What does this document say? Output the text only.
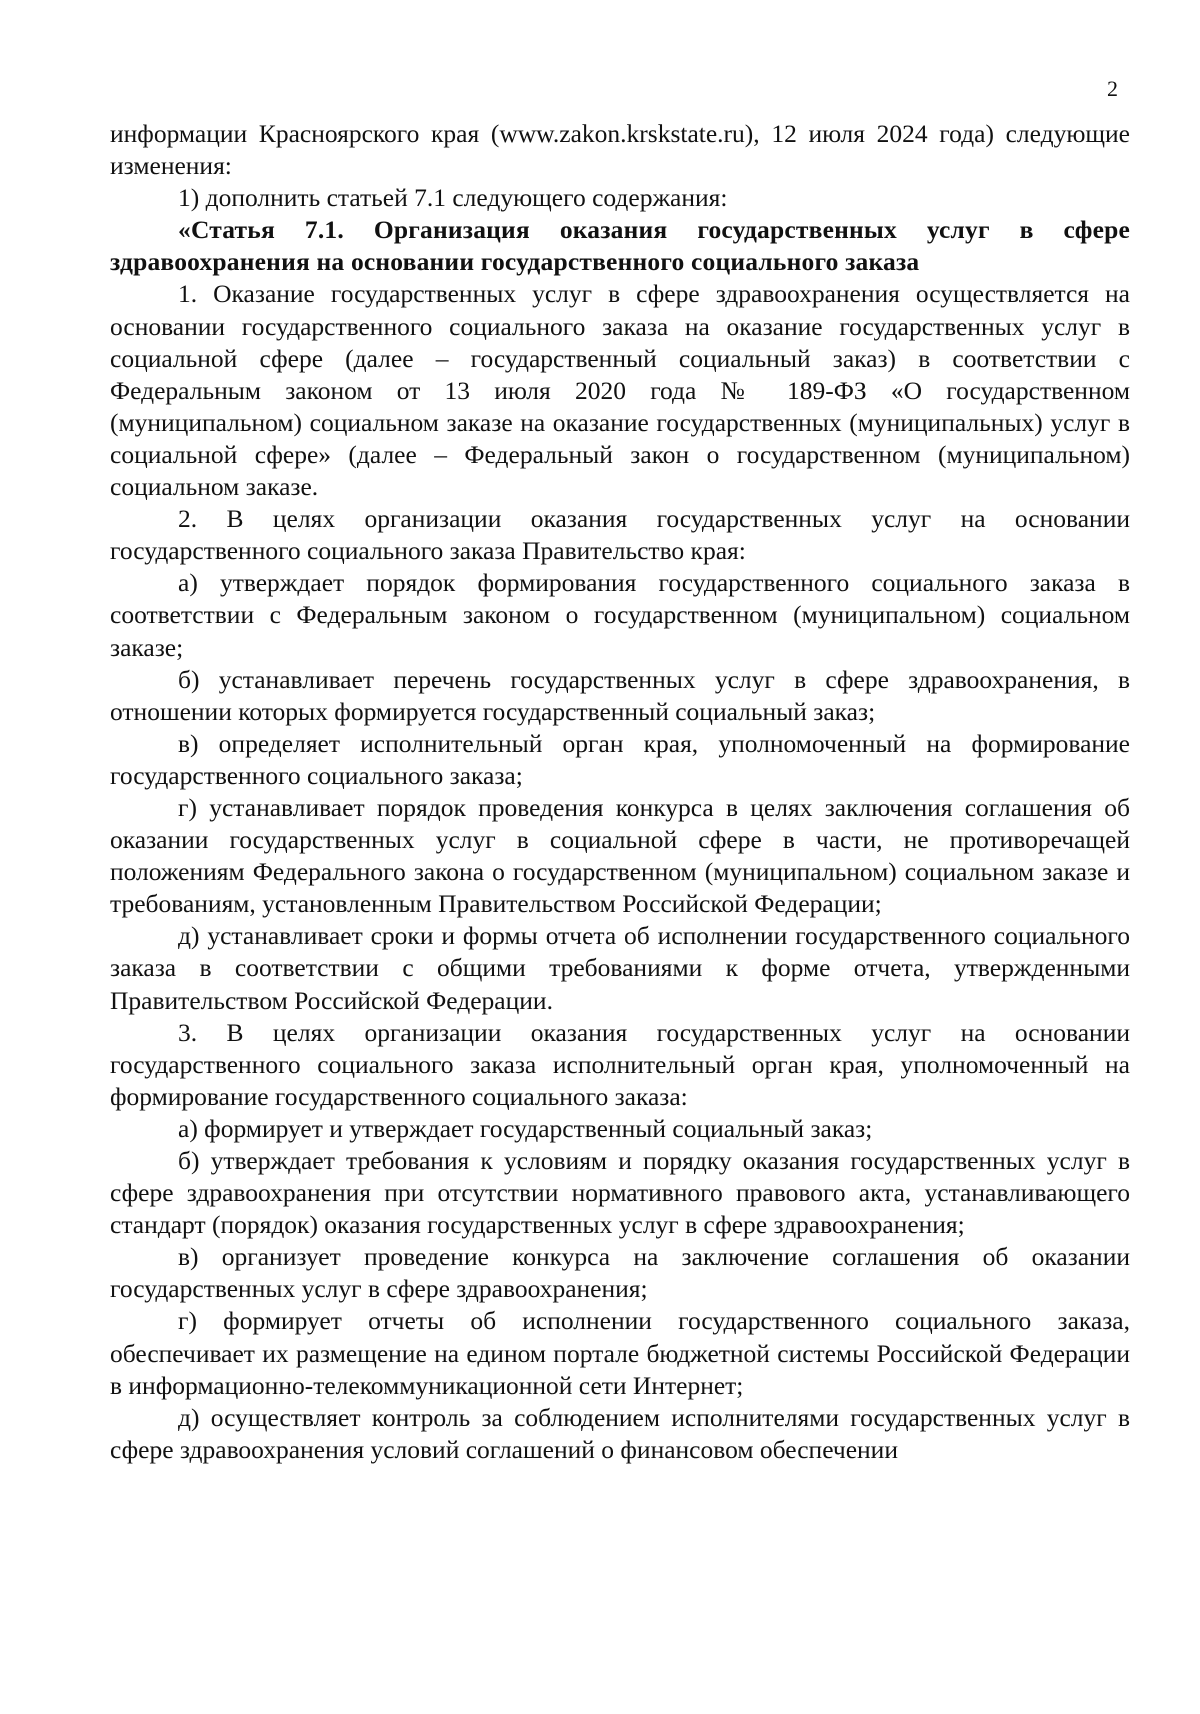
2

информации Красноярского края (www.zakon.krskstate.ru), 12 июля 2024 года) следующие изменения:

1) дополнить статьей 7.1 следующего содержания:

«Статья 7.1. Организация оказания государственных услуг в сфере здравоохранения на основании государственного социального заказа

1. Оказание государственных услуг в сфере здравоохранения осуществляется на основании государственного социального заказа на оказание государственных услуг в социальной сфере (далее – государственный социальный заказ) в соответствии с Федеральным законом от 13 июля 2020 года № 189-ФЗ «О государственном (муниципальном) социальном заказе на оказание государственных (муниципальных) услуг в социальной сфере» (далее – Федеральный закон о государственном (муниципальном) социальном заказе.

2. В целях организации оказания государственных услуг на основании государственного социального заказа Правительство края:

а) утверждает порядок формирования государственного социального заказа в соответствии с Федеральным законом о государственном (муниципальном) социальном заказе;

б) устанавливает перечень государственных услуг в сфере здравоохранения, в отношении которых формируется государственный социальный заказ;

в) определяет исполнительный орган края, уполномоченный на формирование государственного социального заказа;

г) устанавливает порядок проведения конкурса в целях заключения соглашения об оказании государственных услуг в социальной сфере в части, не противоречащей положениям Федерального закона о государственном (муниципальном) социальном заказе и требованиям, установленным Правительством Российской Федерации;

д) устанавливает сроки и формы отчета об исполнении государственного социального заказа в соответствии с общими требованиями к форме отчета, утвержденными Правительством Российской Федерации.

3. В целях организации оказания государственных услуг на основании государственного социального заказа исполнительный орган края, уполномоченный на формирование государственного социального заказа:

а) формирует и утверждает государственный социальный заказ;

б) утверждает требования к условиям и порядку оказания государственных услуг в сфере здравоохранения при отсутствии нормативного правового акта, устанавливающего стандарт (порядок) оказания государственных услуг в сфере здравоохранения;

в) организует проведение конкурса на заключение соглашения об оказании государственных услуг в сфере здравоохранения;

г) формирует отчеты об исполнении государственного социального заказа, обеспечивает их размещение на едином портале бюджетной системы Российской Федерации в информационно-телекоммуникационной сети Интернет;

д) осуществляет контроль за соблюдением исполнителями государственных услуг в сфере здравоохранения условий соглашений о финансовом обеспечении
